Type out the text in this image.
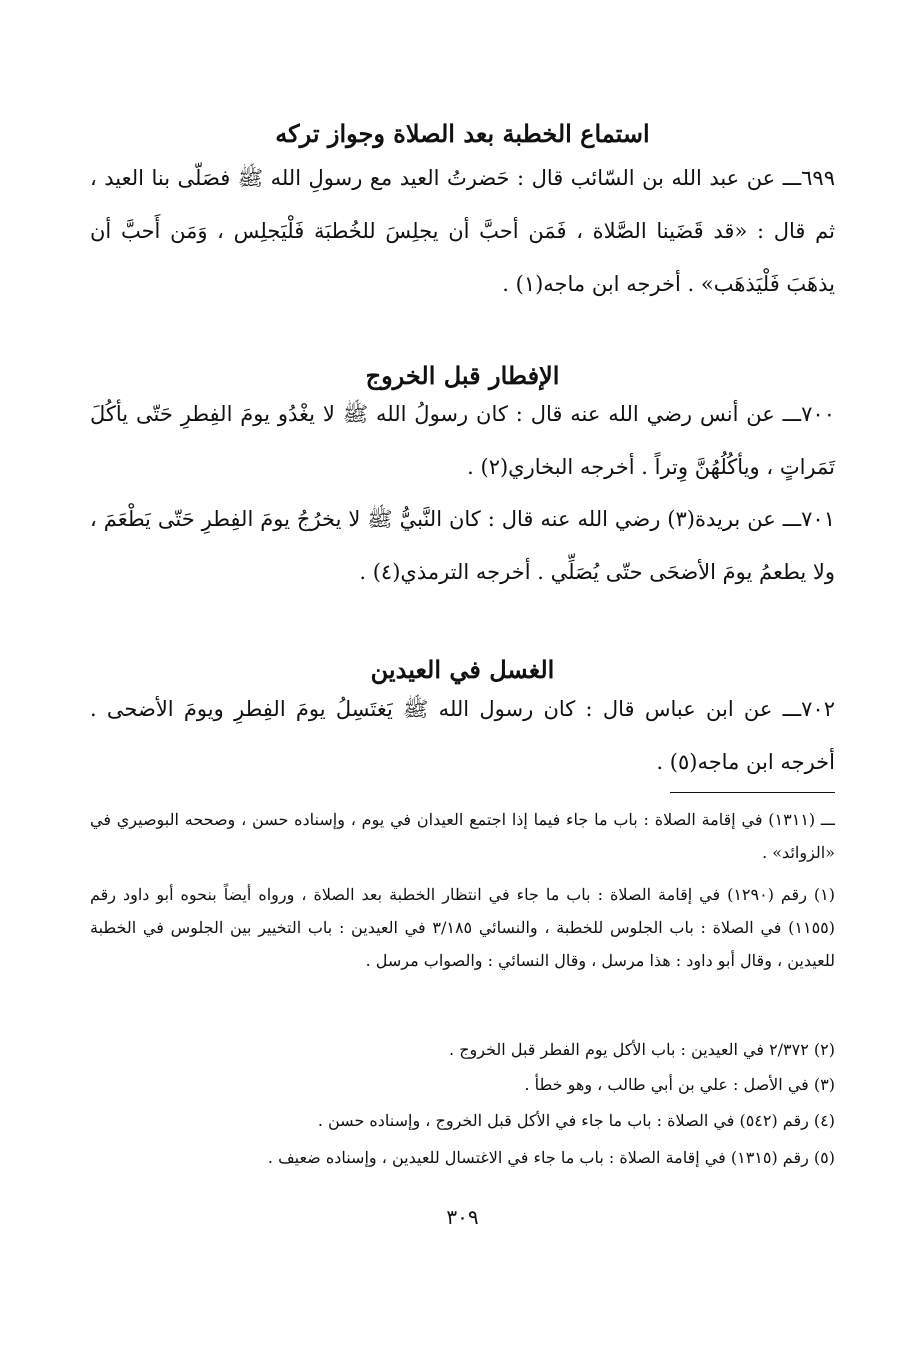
استماع الخطبة بعد الصلاة وجواز تركه

٦٩٩ـــ عن عبد الله بن السّائب قال : حَضرتُ العيد مع رسولِ الله ﷺ فصَلّى بنا العيد ، ثم قال : «قد قَضَينا الصَّلاة ، فَمَن أحبَّ أن يجلِسَ للخُطبَة فَلْيَجلِس ، وَمَن أَحبَّ أن يذهَبَ فَلْيَذهَب» . أخرجه ابن ماجه(١) .

الإفطار قبل الخروج

٧٠٠ـــ عن أنس رضي الله عنه قال : كان رسولُ الله ﷺ لا يغْدُو يومَ الفِطرِ حَتّى يأكُلَ تَمَراتٍ ، ويأكُلُهُنَّ وِتراً . أخرجه البخاري(٢) .

٧٠١ـــ عن بريدة(٣) رضي الله عنه قال : كان النَّبيُّ ﷺ لا يخرُجُ يومَ الفِطرِ حَتّى يَطْعَمَ ، ولا يطعمُ يومَ الأضحَى حتّى يُصَلِّي . أخرجه الترمذي(٤) .

الغسل في العيدين

٧٠٢ـــ عن ابن عباس قال : كان رسول الله ﷺ يَغتَسِلُ يومَ الفِطرِ ويومَ الأضحى . أخرجه ابن ماجه(٥) .

ـــ (١٣١١) في إقامة الصلاة : باب ما جاء فيما إذا اجتمع العيدان في يوم ، وإسناده حسن ، وصححه البوصيري في «الزوائد» .

(١) رقم (١٢٩٠) في إقامة الصلاة : باب ما جاء في انتظار الخطبة بعد الصلاة ، ورواه أيضاً بنحوه أبو داود رقم (١١٥٥) في الصلاة : باب الجلوس للخطبة ، والنسائي ٣/١٨٥ في العيدين : باب التخيير بين الجلوس في الخطبة للعيدين ، وقال أبو داود : هذا مرسل ، وقال النسائي : والصواب مرسل .

(٢) ٢/٣٧٢ في العيدين : باب الأكل يوم الفطر قبل الخروج .

(٣) في الأصل : علي بن أبي طالب ، وهو خطأ .

(٤) رقم (٥٤٢) في الصلاة : باب ما جاء في الأكل قبل الخروج ، وإسناده حسن .

(٥) رقم (١٣١٥) في إقامة الصلاة : باب ما جاء في الاغتسال للعيدين ، وإسناده ضعيف .

٣٠٩
